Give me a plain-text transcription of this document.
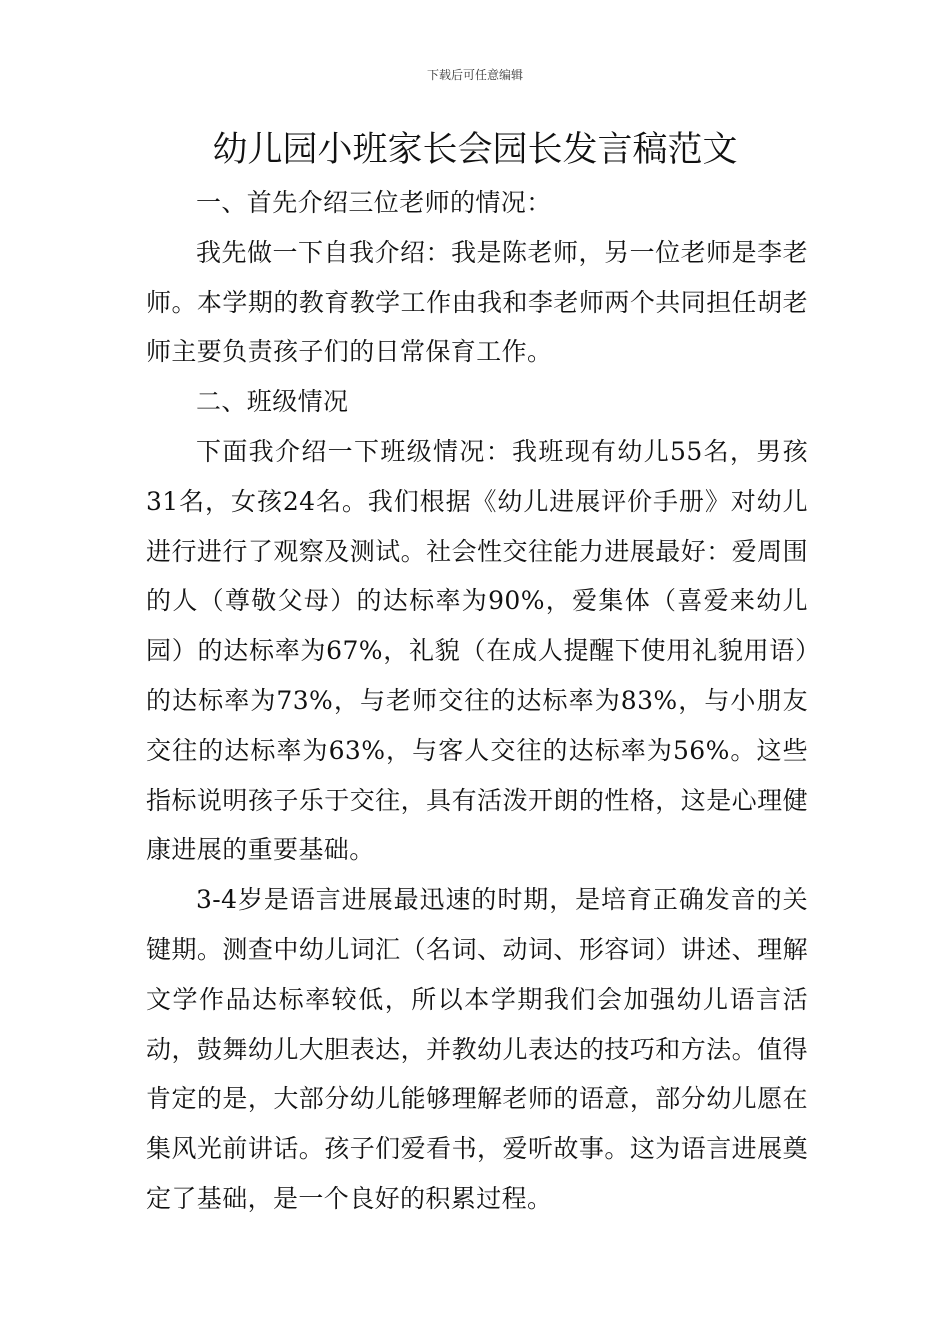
下载后可任意编辑
幼儿园小班家长会园长发言稿范文

一、首先介绍三位老师的情况：

我先做一下自我介绍：我是陈老师，另一位老师是李老师。本学期的教育教学工作由我和李老师两个共同担任胡老师主要负责孩子们的日常保育工作。

二、班级情况

下面我介绍一下班级情况：我班现有幼儿55名，男孩31名，女孩24名。我们根据《幼儿进展评价手册》对幼儿进行进行了观察及测试。社会性交往能力进展最好：爱周围的人（尊敬父母）的达标率为90%，爱集体（喜爱来幼儿园）的达标率为67%，礼貌（在成人提醒下使用礼貌用语）的达标率为73%，与老师交往的达标率为83%，与小朋友交往的达标率为63%，与客人交往的达标率为56%。这些指标说明孩子乐于交往，具有活泼开朗的性格，这是心理健康进展的重要基础。

3-4岁是语言进展最迅速的时期，是培育正确发音的关键期。测查中幼儿词汇（名词、动词、形容词）讲述、理解文学作品达标率较低，所以本学期我们会加强幼儿语言活动，鼓舞幼儿大胆表达，并教幼儿表达的技巧和方法。值得肯定的是，大部分幼儿能够理解老师的语意，部分幼儿愿在集风光前讲话。孩子们爱看书，爱听故事。这为语言进展奠定了基础，是一个良好的积累过程。
